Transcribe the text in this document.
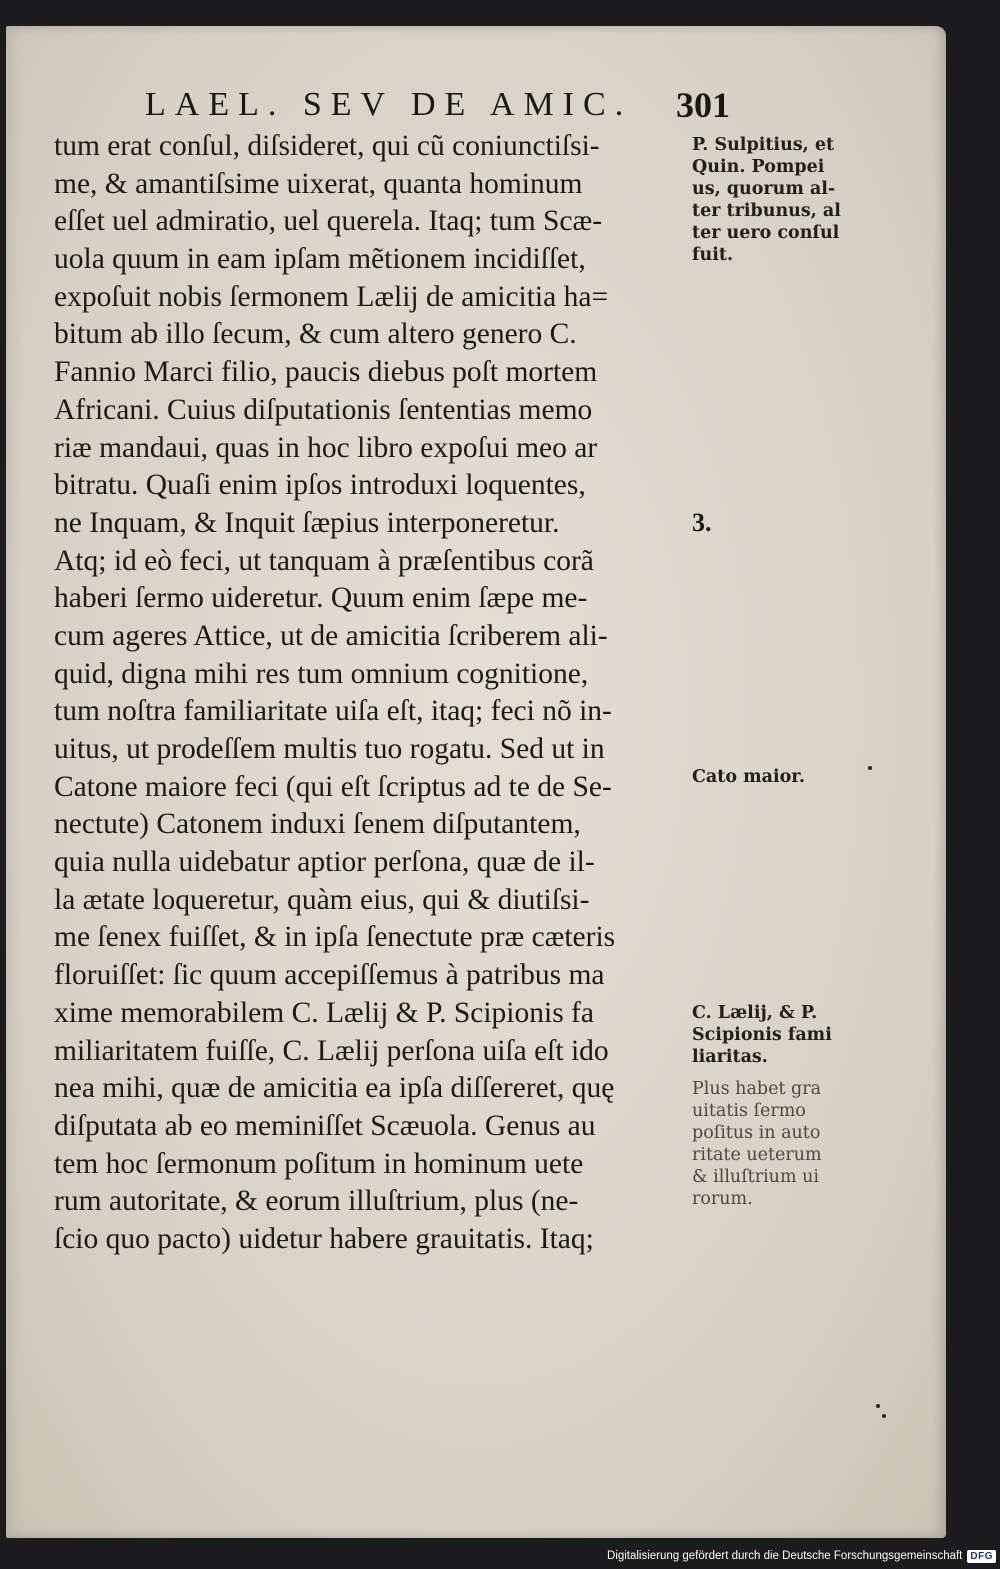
LAEL. SEV DE AMIC. 301
tum erat conſul, diſsideret, qui cũ coniunctiſsi-
me, & amantiſsime uixerat, quanta hominum
eſſet uel admiratio, uel querela. Itaq; tum Scæ-
uola quum in eam ipſam mẽtionem incidiſſet,
expoſuit nobis ſermonem Lælij de amicitia ha=
bitum ab illo ſecum, & cum altero genero C.
Fannio Marci filio, paucis diebus poſt mortem
Africani. Cuius diſputationis ſententias memo
riæ mandaui, quas in hoc libro expoſui meo ar
bitratu. Quaſi enim ipſos introduxi loquentes,
ne Inquam, & Inquit ſæpius interponeretur.
Atq; id eò feci, ut tanquam à præſentibus corã
haberi ſermo uideretur. Quum enim ſæpe me-
cum ageres Attice, ut de amicitia ſcriberem ali-
quid, digna mihi res tum omnium cognitione,
tum noſtra familiaritate uiſa eſt, itaq; feci nõ in-
uitus, ut prodeſſem multis tuo rogatu. Sed ut in
Catone maiore feci (qui eſt ſcriptus ad te de Se-
nectute) Catonem induxi ſenem diſputantem,
quia nulla uidebatur aptior perſona, quæ de il-
la ætate loqueretur, quàm eius, qui & diutiſsi-
me ſenex fuiſſet, & in ipſa ſenectute præ cæteris
floruiſſet: ſic quum accepiſſemus à patribus ma
xime memorabilem C. Lælij & P. Scipionis fa
miliaritatem fuiſſe, C. Lælij perſona uiſa eſt ido
nea mihi, quæ de amicitia ea ipſa diſſereret, quę
diſputata ab eo meminiſſet Scæuola. Genus au
tem hoc ſermonum poſitum in hominum uete
rum autoritate, & eorum illuſtrium, plus (ne-
ſcio quo pacto) uidetur habere grauitatis. Itaq;
P. Sulpitius, et
Quin. Pompei
us, quorum al-
ter tribunus, al
ter uero conſul
fuit.
3.
Cato maior.
C. Lælij, & P.
Scipionis fami
liaritas.
Plus habet gra
uitatis ſermo
poſitus in auto
ritate ueterum
& illuſtrium ui
rorum.
Digitalisierung gefördert durch die Deutsche Forschungsgemeinschaft DFG
